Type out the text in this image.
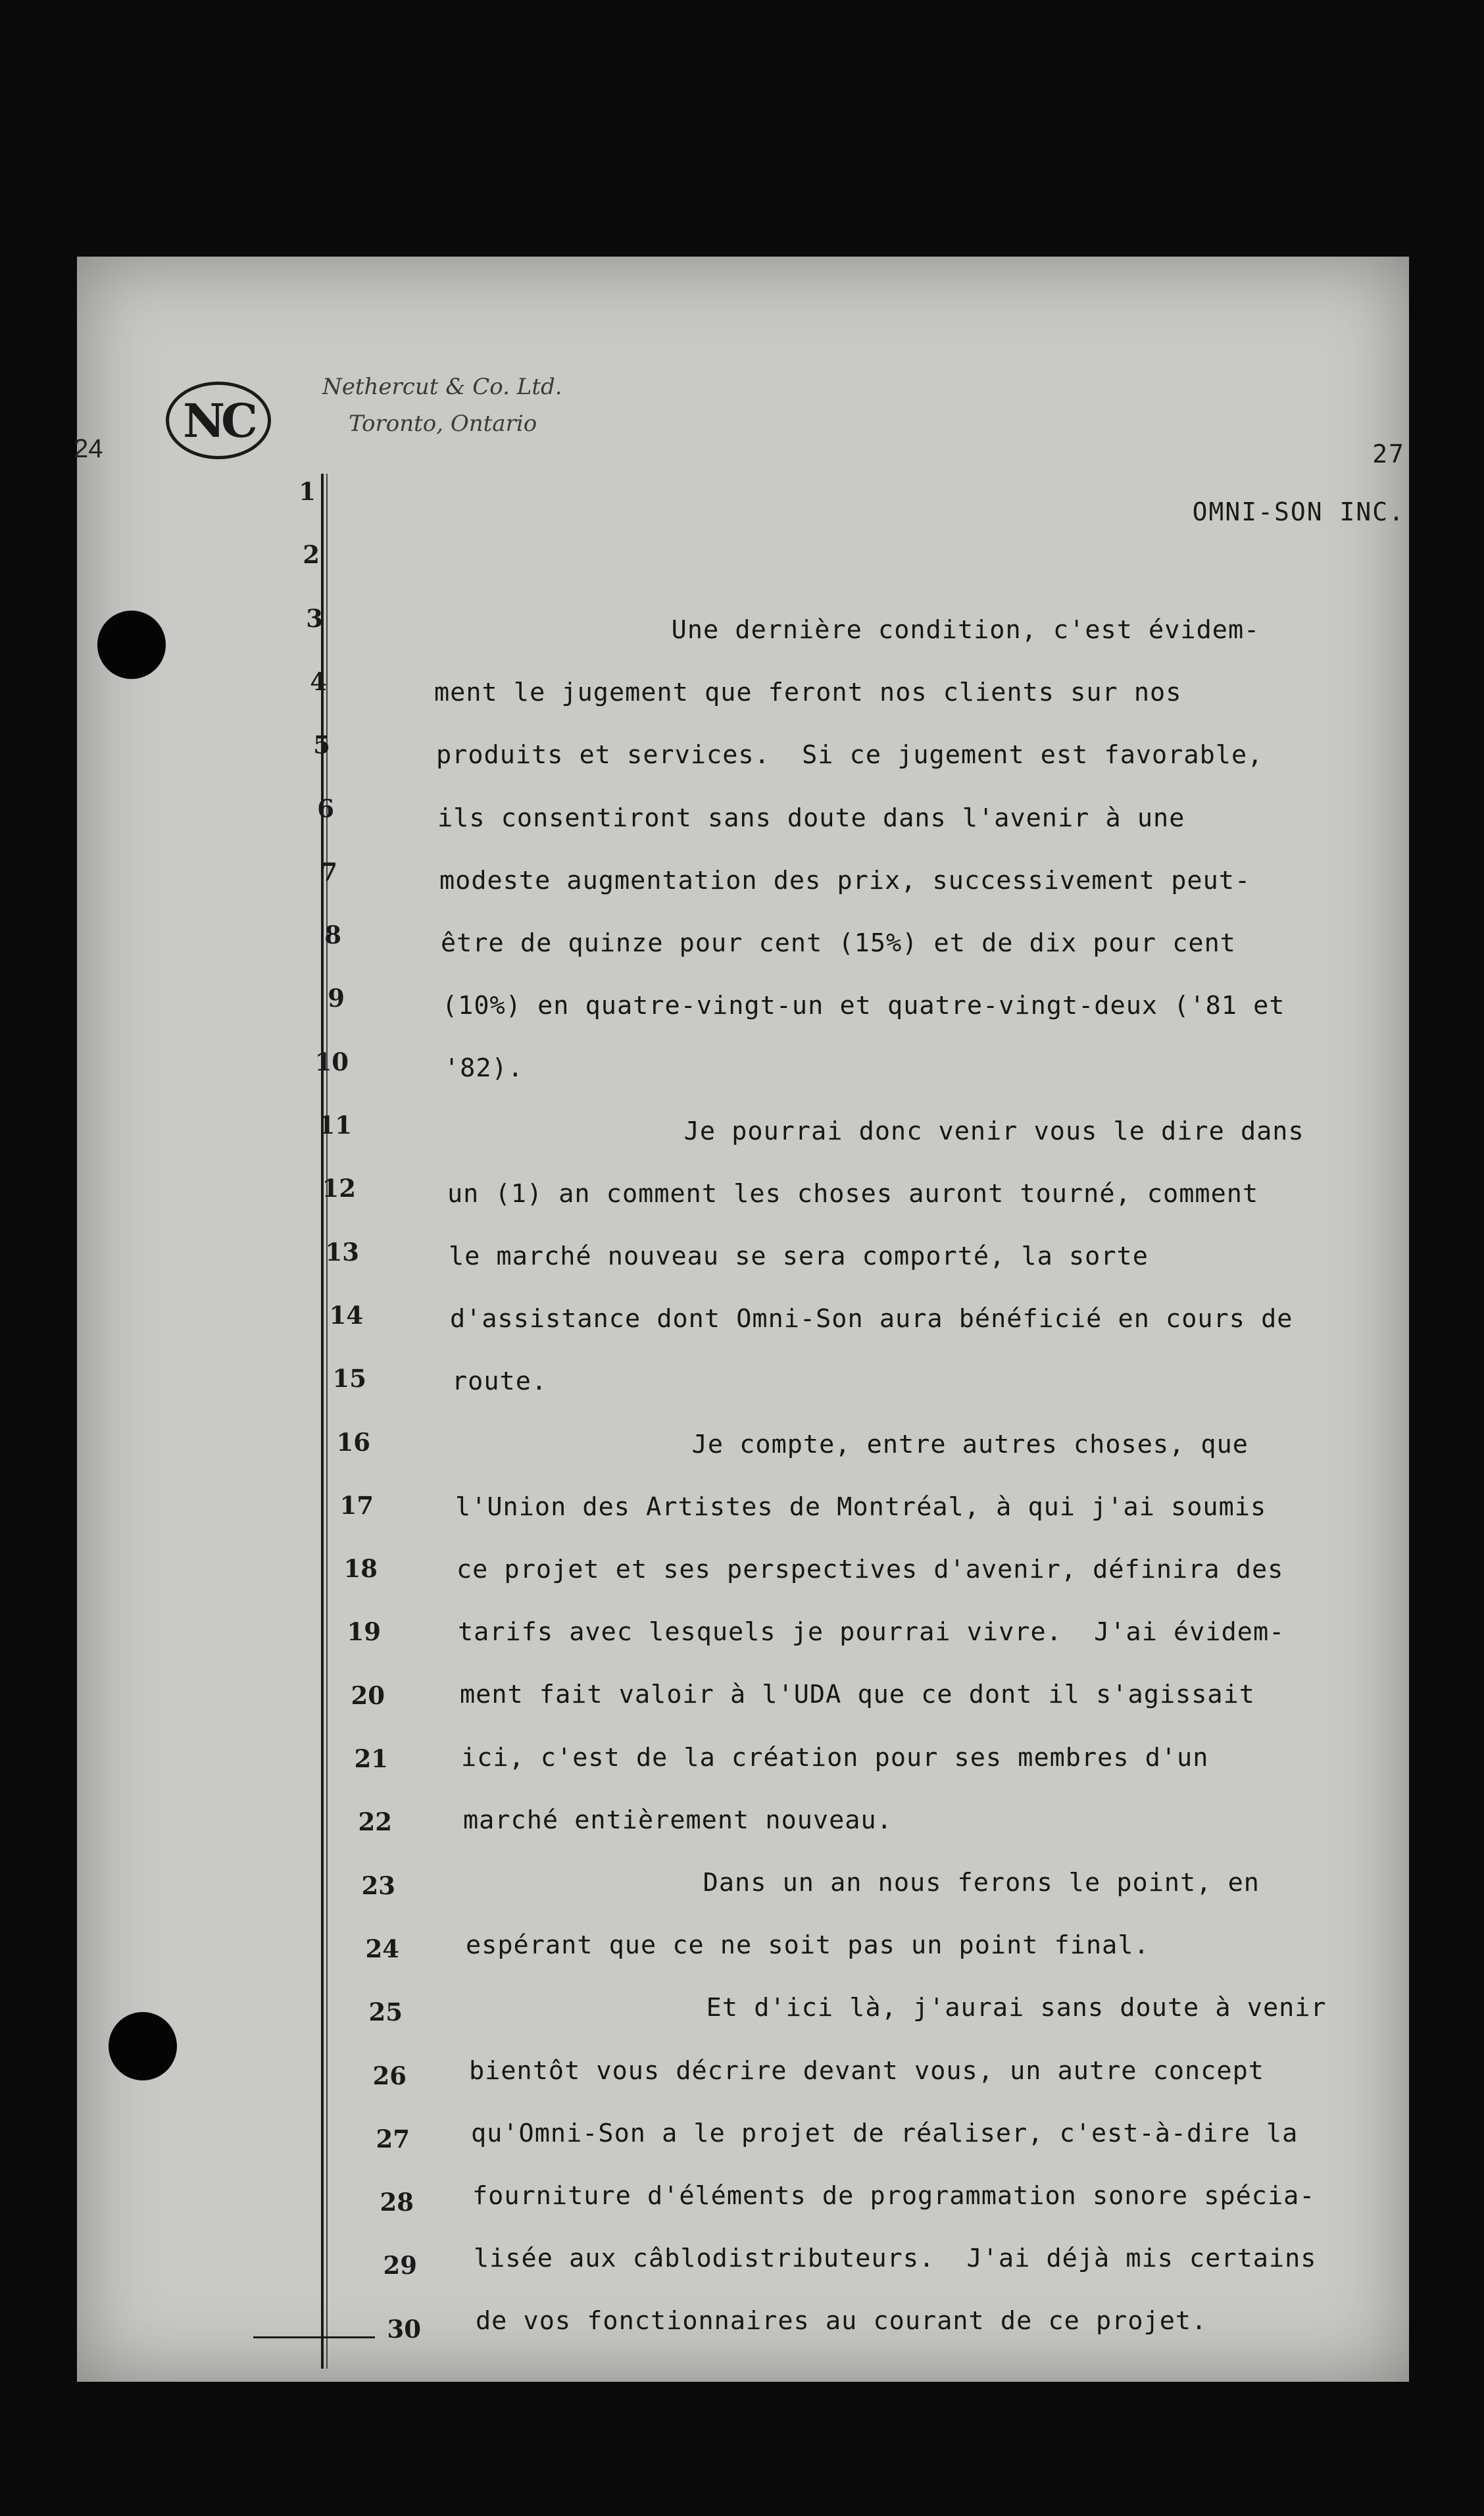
NC
Nethercut & Co. Ltd.
Toronto, Ontario
24
1
2
3
4
5
6
7
8
9
10
11
12
13
14
15
16
17
18
19
20
21
22
23
24
25
26
27
28
29
30
27
OMNI-SON INC.
Une dernière condition, c'est évidem-
ment le jugement que feront nos clients sur nos
produits et services.  Si ce jugement est favorable,
ils consentiront sans doute dans l'avenir à une
modeste augmentation des prix, successivement peut-
être de quinze pour cent (15%) et de dix pour cent
(10%) en quatre-vingt-un et quatre-vingt-deux ('81 et
'82).
Je pourrai donc venir vous le dire dans
un (1) an comment les choses auront tourné, comment
le marché nouveau se sera comporté, la sorte
d'assistance dont Omni-Son aura bénéficié en cours de
route.
Je compte, entre autres choses, que
l'Union des Artistes de Montréal, à qui j'ai soumis
ce projet et ses perspectives d'avenir, définira des
tarifs avec lesquels je pourrai vivre.  J'ai évidem-
ment fait valoir à l'UDA que ce dont il s'agissait
ici, c'est de la création pour ses membres d'un
marché entièrement nouveau.
Dans un an nous ferons le point, en
espérant que ce ne soit pas un point final.
Et d'ici là, j'aurai sans doute à venir
bientôt vous décrire devant vous, un autre concept
qu'Omni-Son a le projet de réaliser, c'est-à-dire la
fourniture d'éléments de programmation sonore spécia-
lisée aux câblodistributeurs.  J'ai déjà mis certains
de vos fonctionnaires au courant de ce projet.
